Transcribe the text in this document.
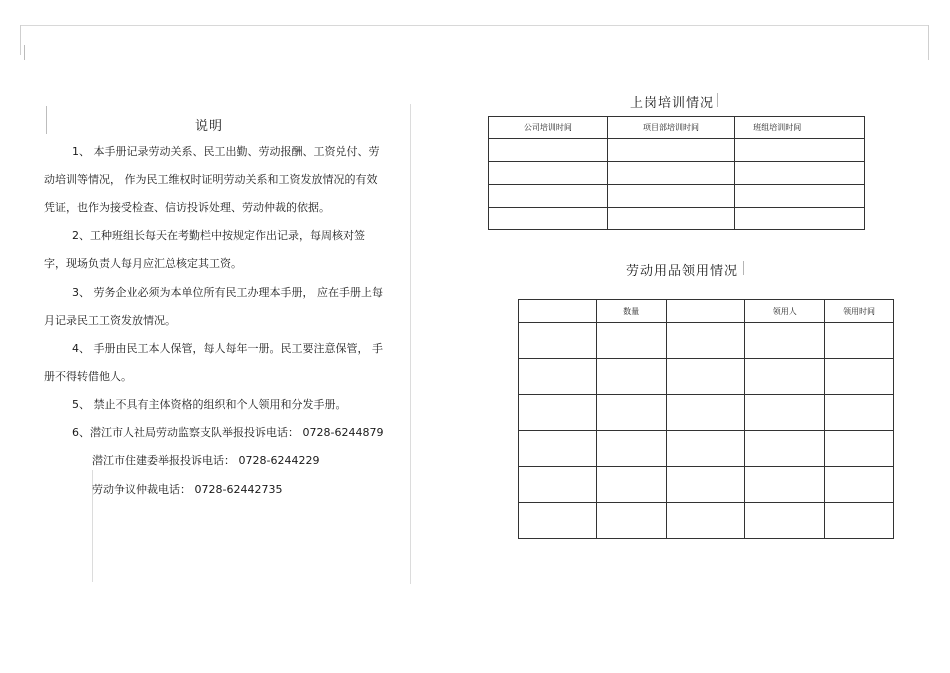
说明
1、 本手册记录劳动关系、民工出勤、劳动报酬、工资兑付、劳
动培训等情况， 作为民工维权时证明劳动关系和工资发放情况的有效
凭证，也作为接受检查、信访投诉处理、劳动仲裁的依据。
2、工种班组长每天在考勤栏中按规定作出记录，每周核对签
字，现场负责人每月应汇总核定其工资。
3、 劳务企业必须为本单位所有民工办理本手册， 应在手册上每
月记录民工工资发放情况。
4、 手册由民工本人保管，每人每年一册。民工要注意保管， 手
册不得转借他人。
5、 禁止不具有主体资格的组织和个人领用和分发手册。
6、潜江市人社局劳动监察支队举报投诉电话： 0728-6244879
潜江市住建委举报投诉电话： 0728-6244229
劳动争议仲裁电话： 0728-62442735
上岗培训情况
公司培训时间	项目部培训时间	班组培训时间

劳动用品领用情况
	数量		领用人	领用时间
